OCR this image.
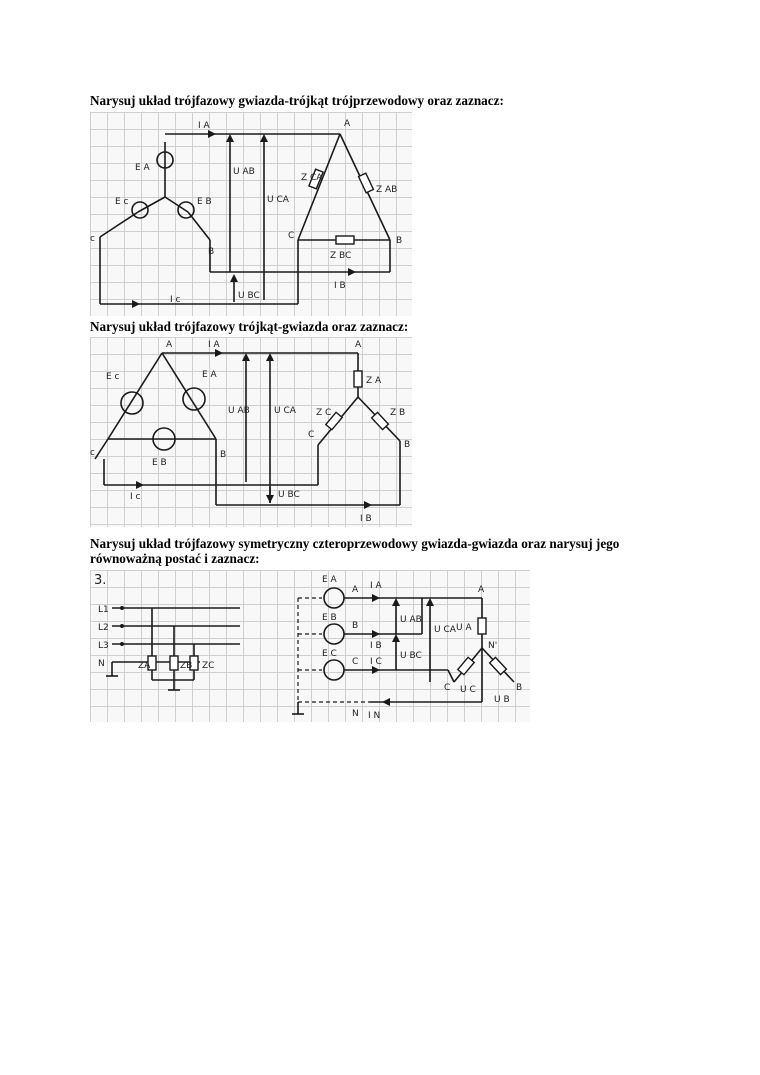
Narysuj układ trójfazowy gwiazda-trójkąt trójprzewodowy oraz zaznacz:

I A
E A
E c	E B
c
B
U AB
U CA
U BC
I c
I B
A
C	B
Z CA
Z AB
Z BC

Narysuj układ trójfazowy trójkąt-gwiazda oraz zaznacz:

A	I A
E c	E A
E B
c	B
U AB	U CA
U BC
I c
I B
A
Z A
Z C	Z B
C
B

Narysuj układ trójfazowy symetryczny czteroprzewodowy gwiazda-gwiazda oraz narysuj jego równoważną postać i zaznacz:

3.
L1
L2
L3
N	ZA	ZB ZC
E A
E B
E C
A
B
C
N
I A
I B
I C
I N
U AB
U BC
U CA U A
U B
U C
A
N'
C	B
